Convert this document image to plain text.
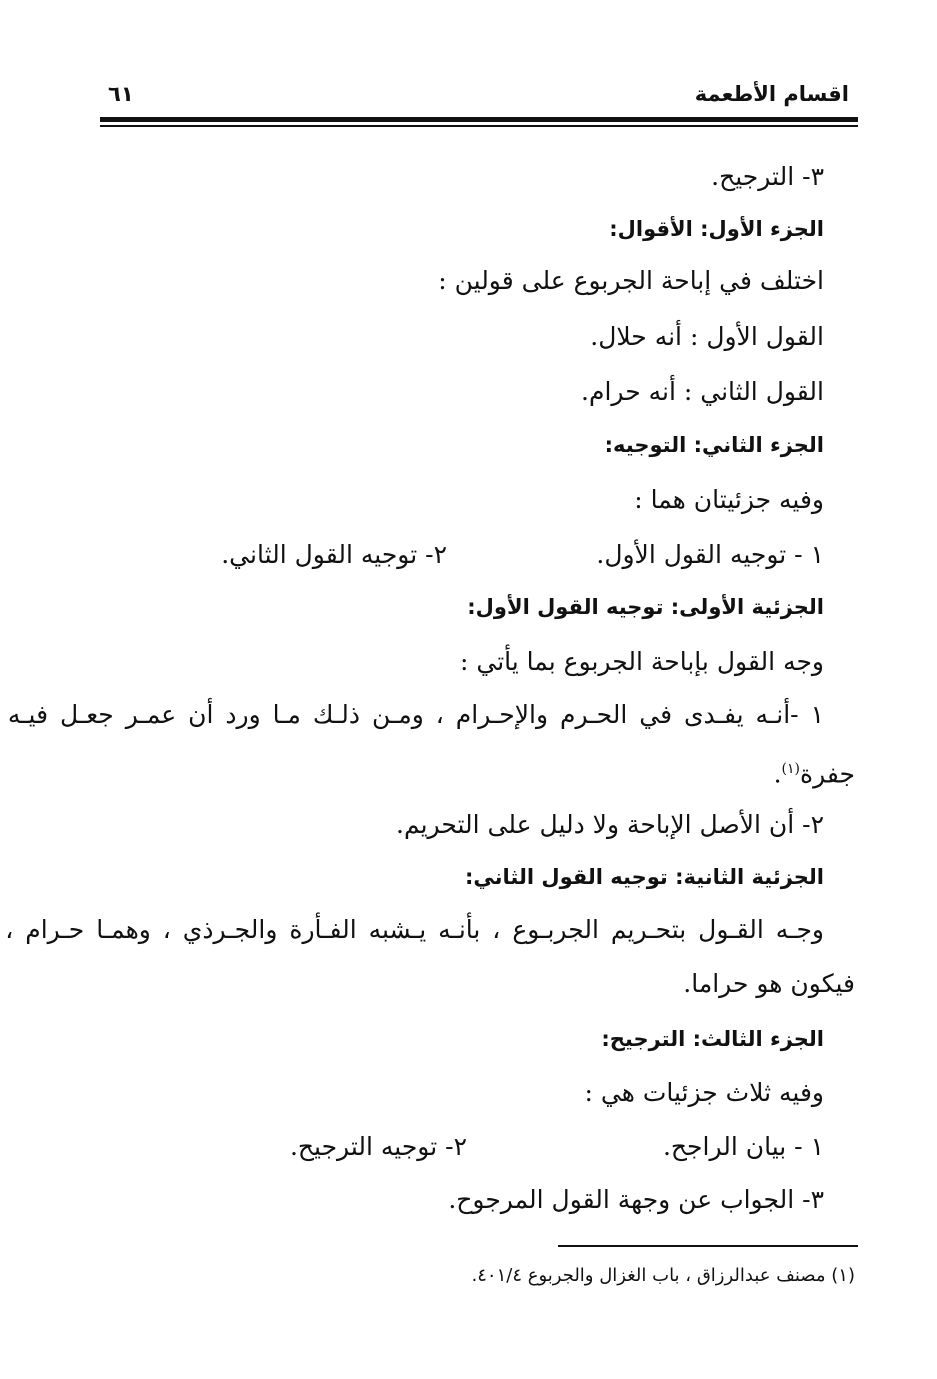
اقسام الأطعمة
٦١
٣- الترجيح.
الجزء الأول: الأقوال:
اختلف في إباحة الجربوع على قولين :
القول الأول : أنه حلال.
القول الثاني : أنه حرام.
الجزء الثاني: التوجيه:
وفيه جزئيتان هما :
١ - توجيه القول الأول.
٢- توجيه القول الثاني.
الجزئية الأولى: توجيه القول الأول:
وجه القول بإباحة الجربوع بما يأتي :
١ -أنـه يفـدى في الحـرم والإحـرام ، ومـن ذلـك مـا ورد أن عمـر جعـل فيـه
جفرة$^{(١)}$.
٢- أن الأصل الإباحة ولا دليل على التحريم.
الجزئية الثانية: توجيه القول الثاني:
وجـه القـول بتحـريم الجربـوع ، بأنـه يـشبه الفـأرة والجـرذي ، وهمـا حـرام ،
فيكون هو حراما.
الجزء الثالث: الترجيح:
وفيه ثلاث جزئيات هي :
١ - بيان الراجح.
٢- توجيه الترجيح.
٣- الجواب عن وجهة القول المرجوح.
(١) مصنف عبدالرزاق ، باب الغزال والجربوع ٤٠١/٤.
